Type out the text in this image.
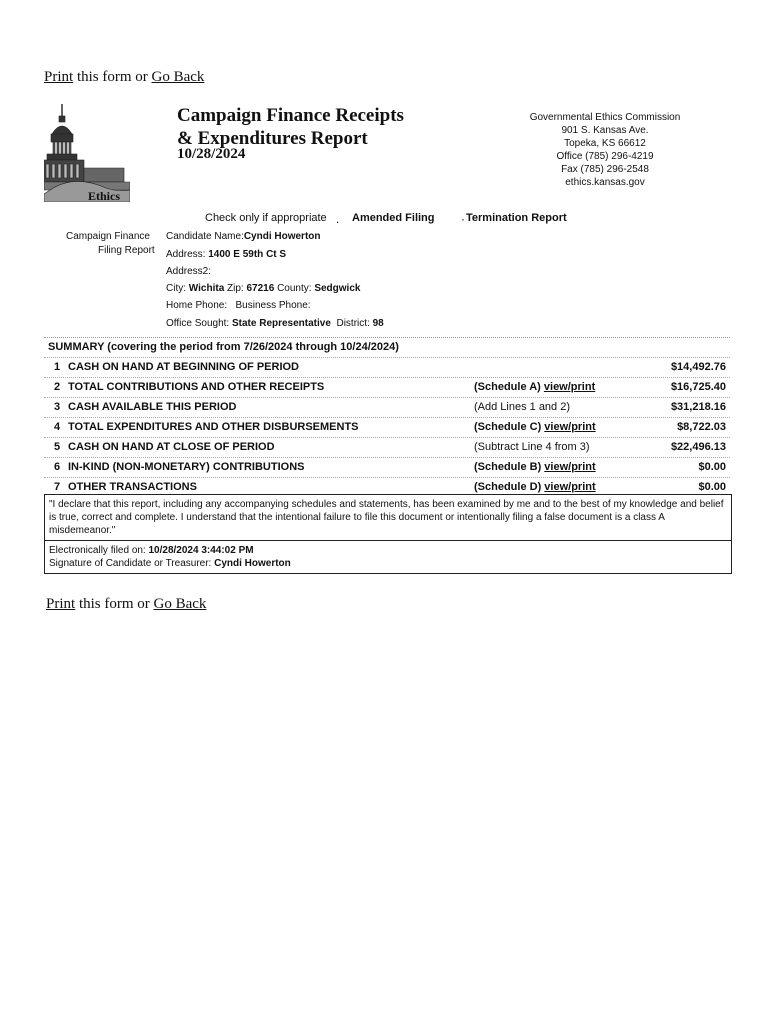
Print this form or Go Back
Ethics
Campaign Finance Receipts
& Expenditures Report
10/28/2024
Governmental Ethics Commission
901 S. Kansas Ave.
Topeka, KS 66612
Office (785) 296-4219
Fax (785) 296-2548
ethics.kansas.gov
Check only if appropriate . Amended Filing · Termination Report
Campaign Finance
Filing Report
Candidate Name:Cyndi Howerton
Address: 1400 E 59th Ct S
Address2:
City: Wichita Zip: 67216 County: Sedgwick
Home Phone: Business Phone:
Office Sought: State Representative District: 98
SUMMARY (covering the period from 7/26/2024 through 10/24/2024)
1 CASH ON HAND AT BEGINNING OF PERIOD	$14,492.76
2 TOTAL CONTRIBUTIONS AND OTHER RECEIPTS	(Schedule A) view/print	$16,725.40
3 CASH AVAILABLE THIS PERIOD	(Add Lines 1 and 2)	$31,218.16
4 TOTAL EXPENDITURES AND OTHER DISBURSEMENTS	(Schedule C) view/print	$8,722.03
5 CASH ON HAND AT CLOSE OF PERIOD	(Subtract Line 4 from 3)	$22,496.13
6 IN-KIND (NON-MONETARY) CONTRIBUTIONS	(Schedule B) view/print	$0.00
7 OTHER TRANSACTIONS	(Schedule D) view/print	$0.00
"I declare that this report, including any accompanying schedules and statements, has been examined by me and to the best of my knowledge and belief is true, correct and complete. I understand that the intentional failure to file this document or intentionally filing a false document is a class A misdemeanor."
Electronically filed on: 10/28/2024 3:44:02 PM
Signature of Candidate or Treasurer: Cyndi Howerton
Print this form or Go Back
